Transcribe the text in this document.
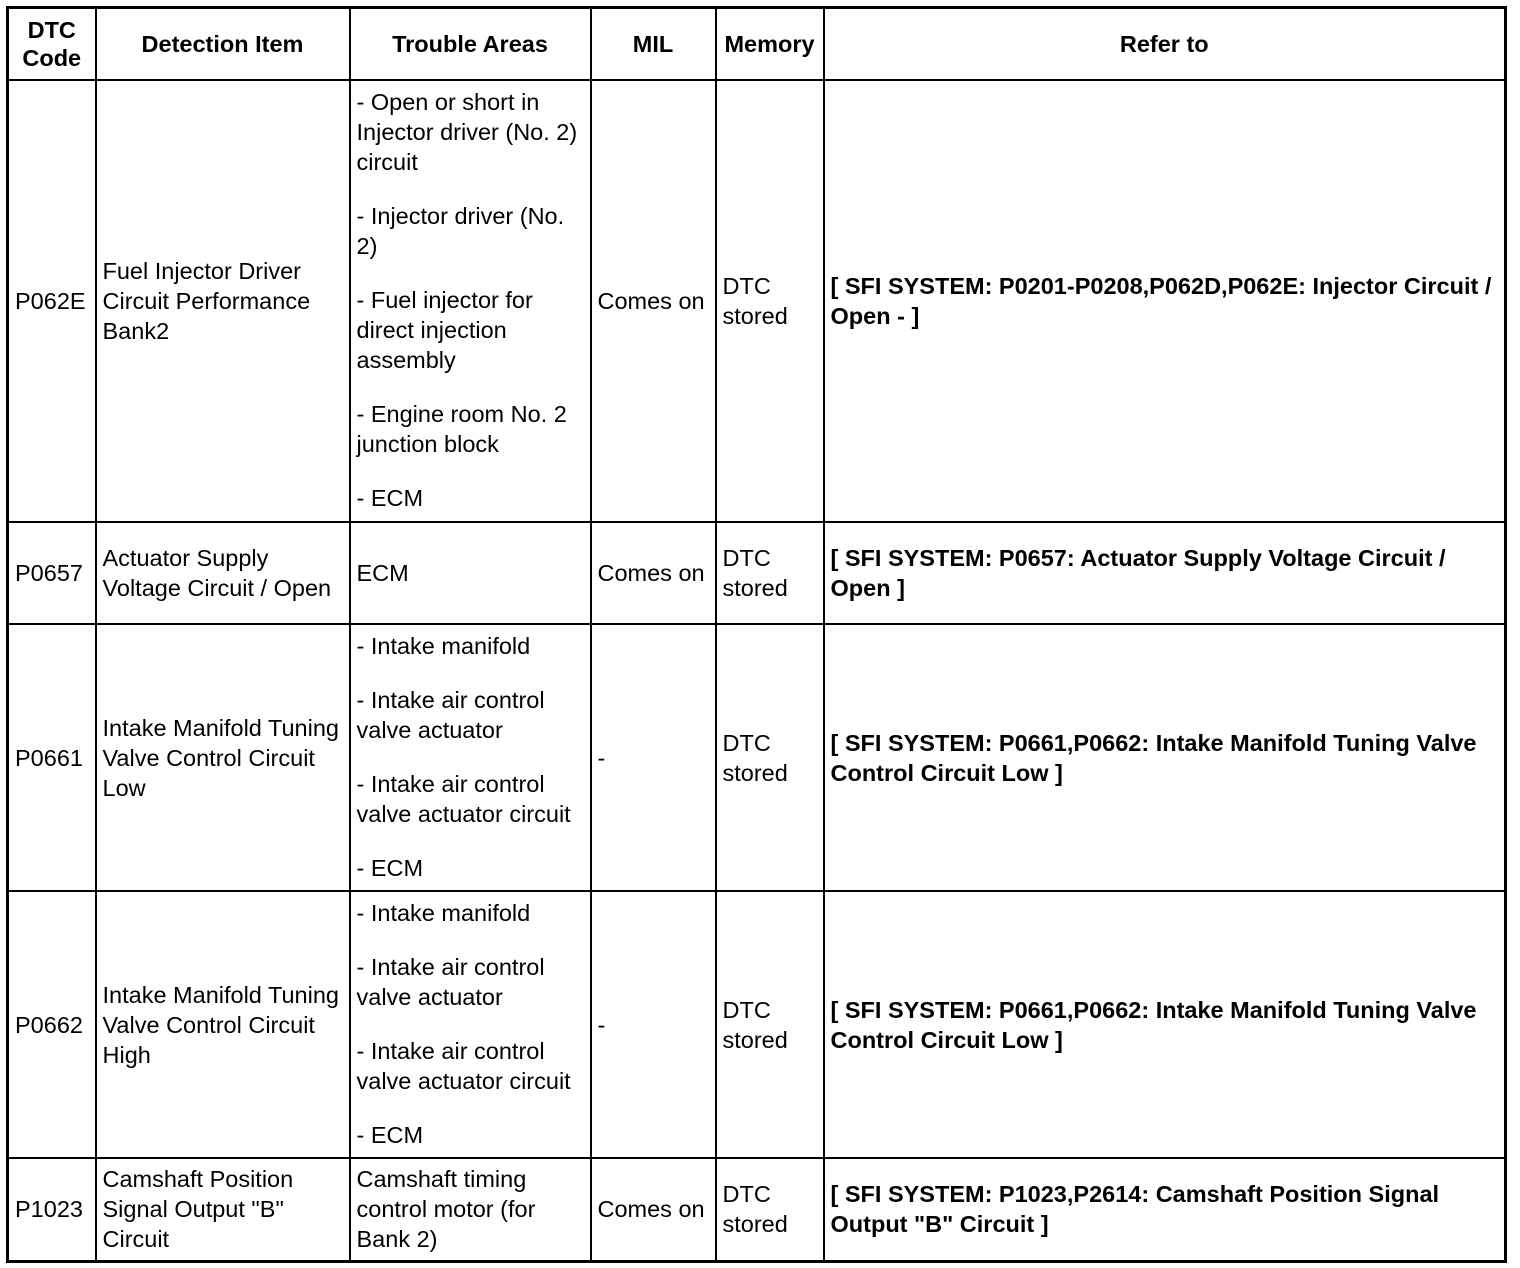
DTC Code	Detection Item	Trouble Areas	MIL	Memory	Refer to
P062E	Fuel Injector Driver Circuit Performance Bank2	- Open or short in Injector driver (No. 2) circuit

- Injector driver (No. 2)

- Fuel injector for direct injection assembly

- Engine room No. 2 junction block

- ECM	Comes on	DTC stored	[ SFI SYSTEM: P0201-P0208,P062D,P062E: Injector Circuit / Open - ]
P0657	Actuator Supply Voltage Circuit / Open	ECM	Comes on	DTC stored	[ SFI SYSTEM: P0657: Actuator Supply Voltage Circuit / Open ]
P0661	Intake Manifold Tuning Valve Control Circuit Low	- Intake manifold

- Intake air control valve actuator

- Intake air control valve actuator circuit

- ECM	-	DTC stored	[ SFI SYSTEM: P0661,P0662: Intake Manifold Tuning Valve Control Circuit Low ]
P0662	Intake Manifold Tuning Valve Control Circuit High	- Intake manifold

- Intake air control valve actuator

- Intake air control valve actuator circuit

- ECM	-	DTC stored	[ SFI SYSTEM: P0661,P0662: Intake Manifold Tuning Valve Control Circuit Low ]
P1023	Camshaft Position Signal Output "B" Circuit	Camshaft timing control motor (for Bank 2)	Comes on	DTC stored	[ SFI SYSTEM: P1023,P2614: Camshaft Position Signal Output "B" Circuit ]
